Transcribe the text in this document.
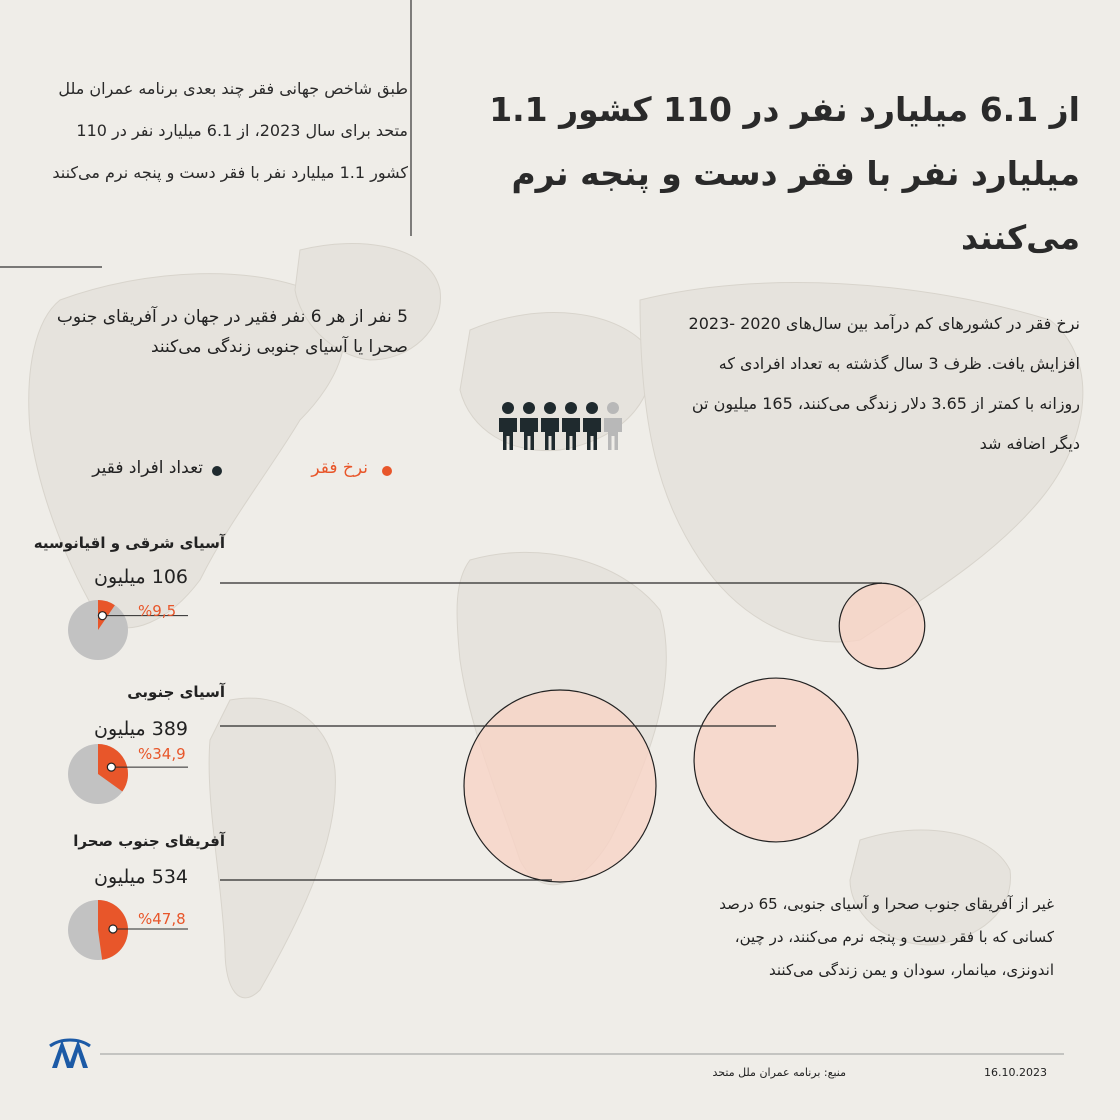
از 6.1 میلیارد نفر در 110 کشور 1.1 میلیارد نفر با فقر دست و پنجه نرم می‌کنند
طبق شاخص جهانی فقر چند بعدی برنامه عمران ملل متحد برای سال 2023، از 6.1 میلیارد نفر در 110 کشور 1.1 میلیارد نفر با فقر دست و پنجه نرم می‌کنند
5 نفر از هر 6 نفر فقیر در جهان در آفریقای جنوب صحرا یا آسیای جنوبی زندگی می‌کنند
نرخ فقر در کشورهای کم درآمد بین سال‌های 2020 -2023 افزایش یافت. ظرف 3 سال گذشته به تعداد افرادی که روزانه با کمتر از 3.65 دلار زندگی می‌کنند، 165 میلیون تن دیگر اضافه شد
غیر از آفریقای جنوب صحرا و آسیای جنوبی، 65 درصد کسانی که با فقر دست و پنجه نرم می‌کنند، در چین، اندونزی، میانمار، سودان و یمن زندگی می‌کنند
تعداد افراد فقیر	نرخ فقر
آسیای شرقی و اقیانوسیه
106 میلیون
%9,5
آسیای جنوبی
389 میلیون
%34,9
آفریقای جنوب صحرا
534 میلیون
%47,8
منبع: برنامه عمران ملل متحد	16.10.2023
